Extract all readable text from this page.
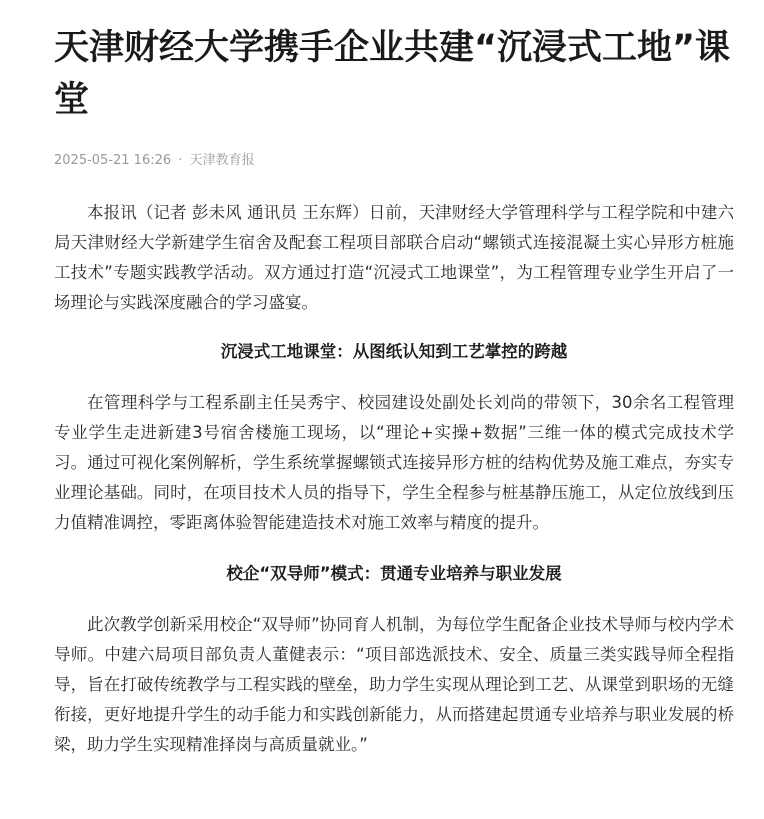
天津财经大学携手企业共建“沉浸式工地”课堂
2025-05-21 16:26 · 天津教育报

本报讯（记者 彭未风 通讯员 王东辉）日前，天津财经大学管理科学与工程学院和中建六局天津财经大学新建学生宿舍及配套工程项目部联合启动“螺锁式连接混凝土实心异形方桩施工技术”专题实践教学活动。双方通过打造“沉浸式工地课堂”，为工程管理专业学生开启了一场理论与实践深度融合的学习盛宴。

沉浸式工地课堂：从图纸认知到工艺掌控的跨越

在管理科学与工程系副主任吴秀宇、校园建设处副处长刘尚的带领下，30余名工程管理专业学生走进新建3号宿舍楼施工现场，以“理论+实操+数据”三维一体的模式完成技术学习。通过可视化案例解析，学生系统掌握螺锁式连接异形方桩的结构优势及施工难点，夯实专业理论基础。同时，在项目技术人员的指导下，学生全程参与桩基静压施工，从定位放线到压力值精准调控，零距离体验智能建造技术对施工效率与精度的提升。

校企“双导师”模式：贯通专业培养与职业发展

此次教学创新采用校企“双导师”协同育人机制，为每位学生配备企业技术导师与校内学术导师。中建六局项目部负责人董健表示：“项目部选派技术、安全、质量三类实践导师全程指导，旨在打破传统教学与工程实践的壁垒，助力学生实现从理论到工艺、从课堂到职场的无缝衔接，更好地提升学生的动手能力和实践创新能力，从而搭建起贯通专业培养与职业发展的桥梁，助力学生实现精准择岗与高质量就业。”
